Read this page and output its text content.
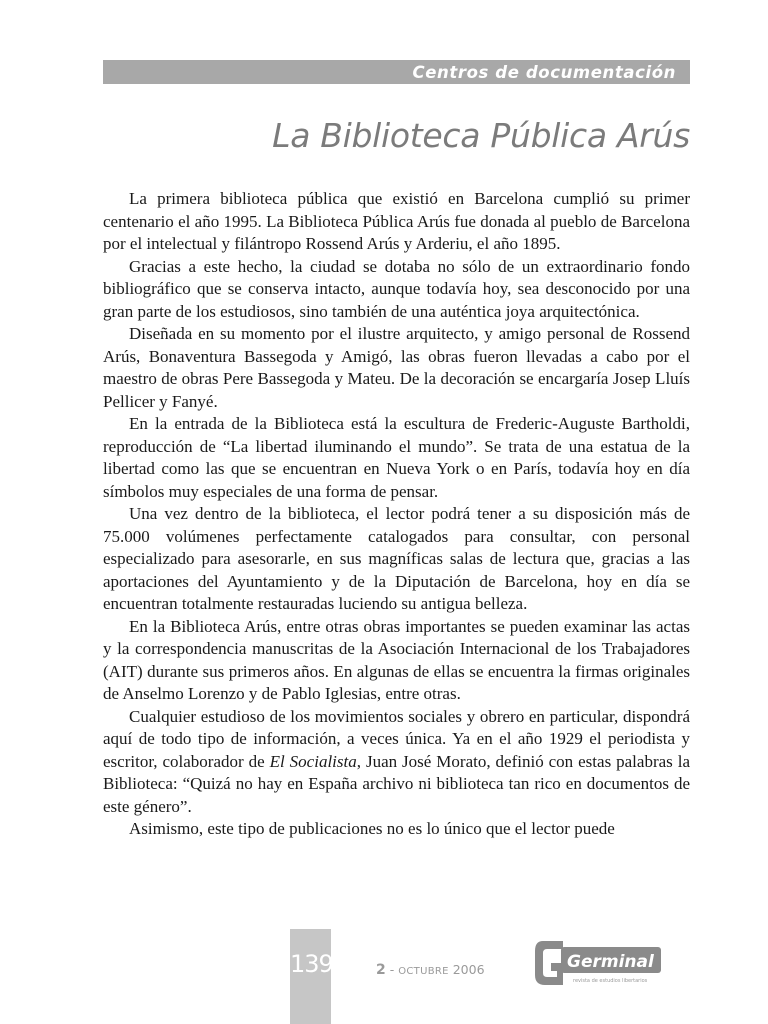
Centros de documentación
La Biblioteca Pública Arús

La primera biblioteca pública que existió en Barcelona cumplió su primer centenario el año 1995. La Biblioteca Pública Arús fue donada al pueblo de Barcelona por el intelectual y filántropo Rossend Arús y Arderiu, el año 1895.

Gracias a este hecho, la ciudad se dotaba no sólo de un extraordinario fondo bibliográfico que se conserva intacto, aunque todavía hoy, sea desconocido por una gran parte de los estudiosos, sino también de una auténtica joya arquitectónica.

Diseñada en su momento por el ilustre arquitecto, y amigo personal de Rossend Arús, Bonaventura Bassegoda y Amigó, las obras fueron llevadas a cabo por el maestro de obras Pere Bassegoda y Mateu. De la decoración se encargaría Josep Lluís Pellicer y Fanyé.

En la entrada de la Biblioteca está la escultura de Frederic-Auguste Bartholdi, reproducción de “La libertad iluminando el mundo”. Se trata de una estatua de la libertad como las que se encuentran en Nueva York o en París, todavía hoy en día símbolos muy especiales de una forma de pensar.

Una vez dentro de la biblioteca, el lector podrá tener a su disposición más de 75.000 volúmenes perfectamente catalogados para consultar, con personal especializado para asesorarle, en sus magníficas salas de lectura que, gracias a las aportaciones del Ayuntamiento y de la Diputación de Barcelona, hoy en día se encuentran totalmente restauradas luciendo su antigua belleza.

En la Biblioteca Arús, entre otras obras importantes se pueden examinar las actas y la correspondencia manuscritas de la Asociación Internacional de los Trabajadores (AIT) durante sus primeros años. En algunas de ellas se encuentra la firmas originales de Anselmo Lorenzo y de Pablo Iglesias, entre otras.

Cualquier estudioso de los movimientos sociales y obrero en particular, dispondrá aquí de todo tipo de información, a veces única. Ya en el año 1929 el periodista y escritor, colaborador de El Socialista, Juan José Morato, definió con estas palabras la Biblioteca: “Quizá no hay en España archivo ni biblioteca tan rico en documentos de este género”.

Asimismo, este tipo de publicaciones no es lo único que el lector puede

139	2 - OCTUBRE 2006	Germinal
revista de estudios libertarios
